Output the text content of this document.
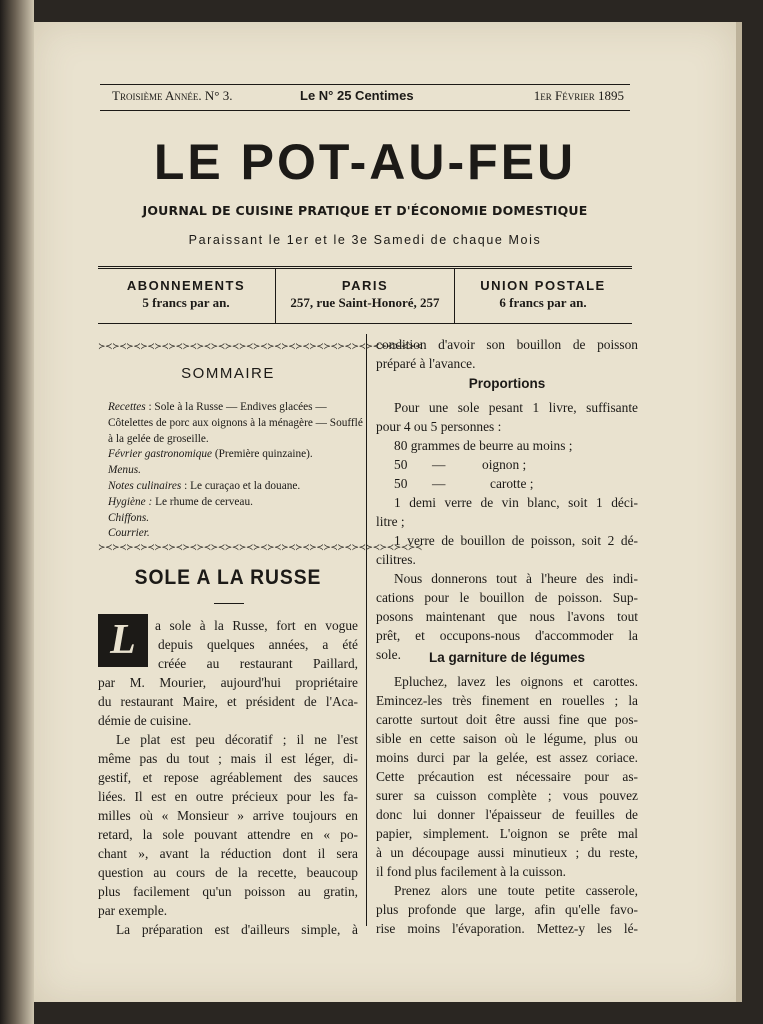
Troisième Année. N° 3.	Le N° 25 Centimes	1er Février 1895
LE POT-AU-FEU
JOURNAL DE CUISINE PRATIQUE ET D'ÉCONOMIE DOMESTIQUE
Paraissant le 1er et le 3e Samedi de chaque Mois
ABONNEMENTS
5 francs par an.
PARIS
257, rue Saint-Honoré, 257
UNION POSTALE
6 francs par an.
≻≺≻≺≻≺≻≺≻≺≻≺≻≺≻≺≻≺≻≺≻≺≻≺≻≺≻≺≻≺≻≺≻≺≻≺≻≺≻≺≻≺≻≺≻≺
SOMMAIRE

Recettes : Sole à la Russe — Endives glacées — Côtelettes de porc aux oignons à la ménagère — Soufflé à la gelée de groseille.

Février gastronomique (Première quinzaine).

Menus.

Notes culinaires : Le curaçao et la douane.

Hygiène : Le rhume de cerveau.

Chiffons.

Courrier.

≻≺≻≺≻≺≻≺≻≺≻≺≻≺≻≺≻≺≻≺≻≺≻≺≻≺≻≺≻≺≻≺≻≺≻≺≻≺≻≺≻≺≻≺≻≺
SOLE A LA RUSSE
L	a sole à la Russe, fort en vogue
depuis quelques années, a été
créée au restaurant Paillard,
par M. Mourier, aujourd'hui propriétaire
du restaurant Maire, et président de l'Aca-
démie de cuisine.
Le plat est peu décoratif ; il ne l'est
même pas du tout ; mais il est léger, di-
gestif, et repose agréablement des sauces
liées. Il est en outre précieux pour les fa-
milles où « Monsieur » arrive toujours en
retard, la sole pouvant attendre en « po-
chant », avant la réduction dont il sera
question au cours de la recette, beaucoup
plus facilement qu'un poisson au gratin,
par exemple.
La préparation est d'ailleurs simple, à
condition d'avoir son bouillon de poisson
préparé à l'avance.
Proportions
Pour une sole pesant 1 livre, suffisante
pour 4 ou 5 personnes :
80 grammes de beurre au moins ;
50 —	oignon ;
50 —	carotte ;
1 demi verre de vin blanc, soit 1 déci-
litre ;
1 verre de bouillon de poisson, soit 2 dé-
cilitres.
Nous donnerons tout à l'heure des indi-
cations pour le bouillon de poisson. Sup-
posons maintenant que nous l'avons tout
prêt, et occupons-nous d'accommoder la
sole.	La garniture de légumes
Epluchez, lavez les oignons et carottes.
Emincez-les très finement en rouelles ; la
carotte surtout doit être aussi fine que pos-
sible en cette saison où le légume, plus ou
moins durci par la gelée, est assez coriace.
Cette précaution est nécessaire pour as-
surer sa cuisson complète ; vous pouvez
donc lui donner l'épaisseur de feuilles de
papier, simplement. L'oignon se prête mal
à un découpage aussi minutieux ; du reste,
il fond plus facilement à la cuisson.
Prenez alors une toute petite casserole,
plus profonde que large, afin qu'elle favo-
rise moins l'évaporation. Mettez-y les lé-
